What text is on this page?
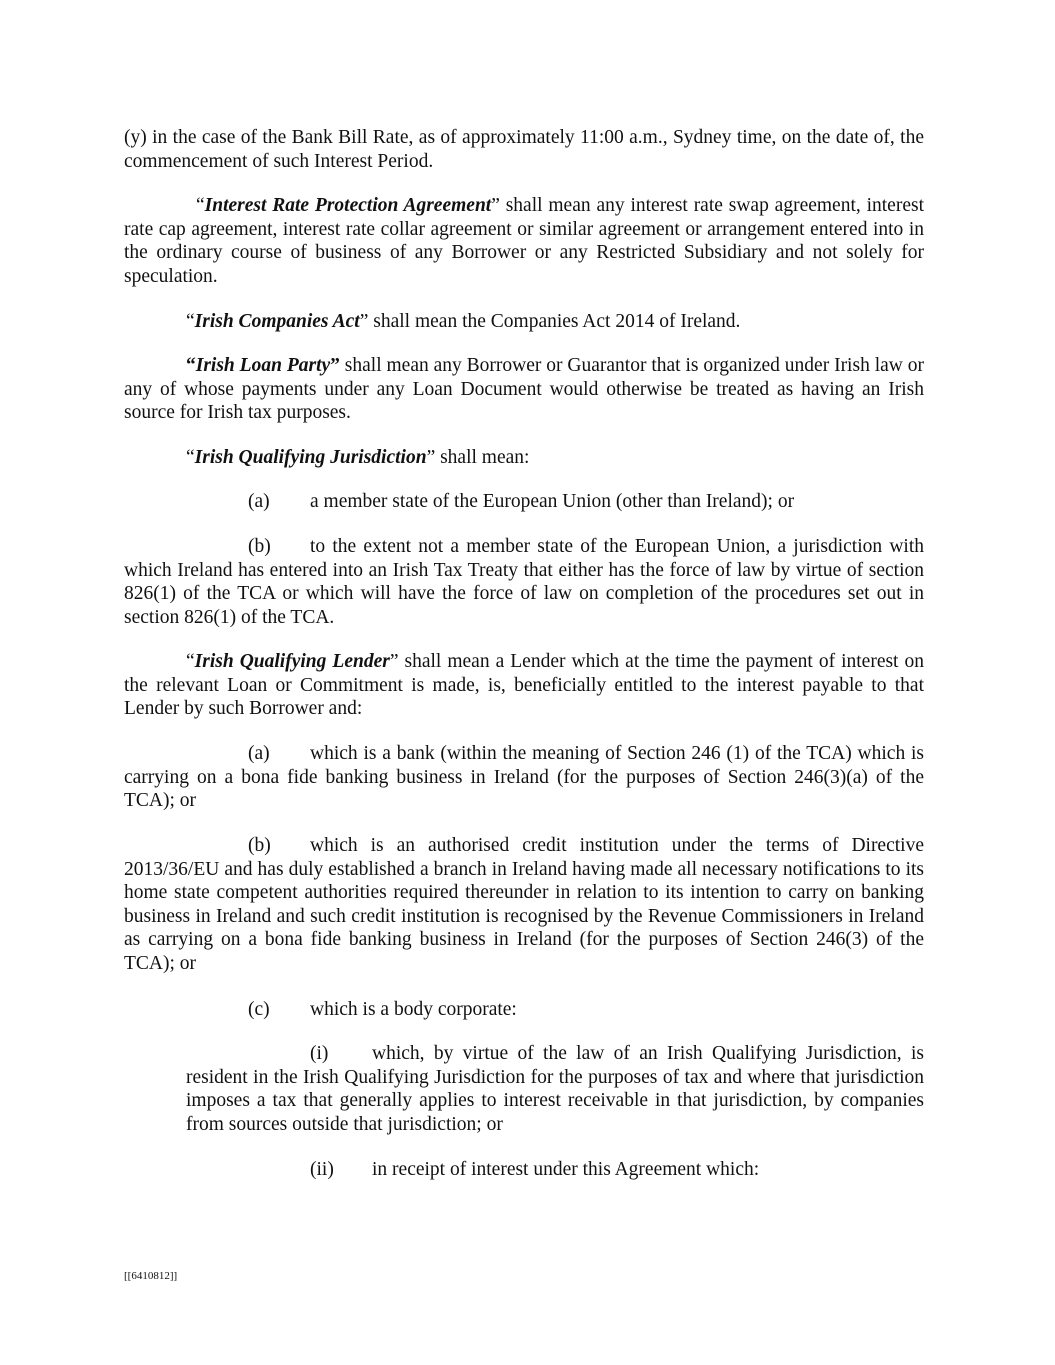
(y) in the case of the Bank Bill Rate, as of approximately 11:00 a.m., Sydney time, on the date of, the commencement of such Interest Period.

“Interest Rate Protection Agreement” shall mean any interest rate swap agreement, interest rate cap agreement, interest rate collar agreement or similar agreement or arrangement entered into in the ordinary course of business of any Borrower or any Restricted Subsidiary and not solely for speculation.

“Irish Companies Act” shall mean the Companies Act 2014 of Ireland.

“Irish Loan Party” shall mean any Borrower or Guarantor that is organized under Irish law or any of whose payments under any Loan Document would otherwise be treated as having an Irish source for Irish tax purposes.

“Irish Qualifying Jurisdiction” shall mean:

(a) a member state of the European Union (other than Ireland); or

(b) to the extent not a member state of the European Union, a jurisdiction with which Ireland has entered into an Irish Tax Treaty that either has the force of law by virtue of section 826(1) of the TCA or which will have the force of law on completion of the procedures set out in section 826(1) of the TCA.

“Irish Qualifying Lender” shall mean a Lender which at the time the payment of interest on the relevant Loan or Commitment is made, is, beneficially entitled to the interest payable to that Lender by such Borrower and:

(a) which is a bank (within the meaning of Section 246 (1) of the TCA) which is carrying on a bona fide banking business in Ireland (for the purposes of Section 246(3)(a) of the TCA); or

(b) which is an authorised credit institution under the terms of Directive 2013/36/EU and has duly established a branch in Ireland having made all necessary notifications to its home state competent authorities required thereunder in relation to its intention to carry on banking business in Ireland and such credit institution is recognised by the Revenue Commissioners in Ireland as carrying on a bona fide banking business in Ireland (for the purposes of Section 246(3) of the TCA); or

(c) which is a body corporate:

(i) which, by virtue of the law of an Irish Qualifying Jurisdiction, is resident in the Irish Qualifying Jurisdiction for the purposes of tax and where that jurisdiction imposes a tax that generally applies to interest receivable in that jurisdiction, by companies from sources outside that jurisdiction; or

(ii) in receipt of interest under this Agreement which:

[[6410812]]
